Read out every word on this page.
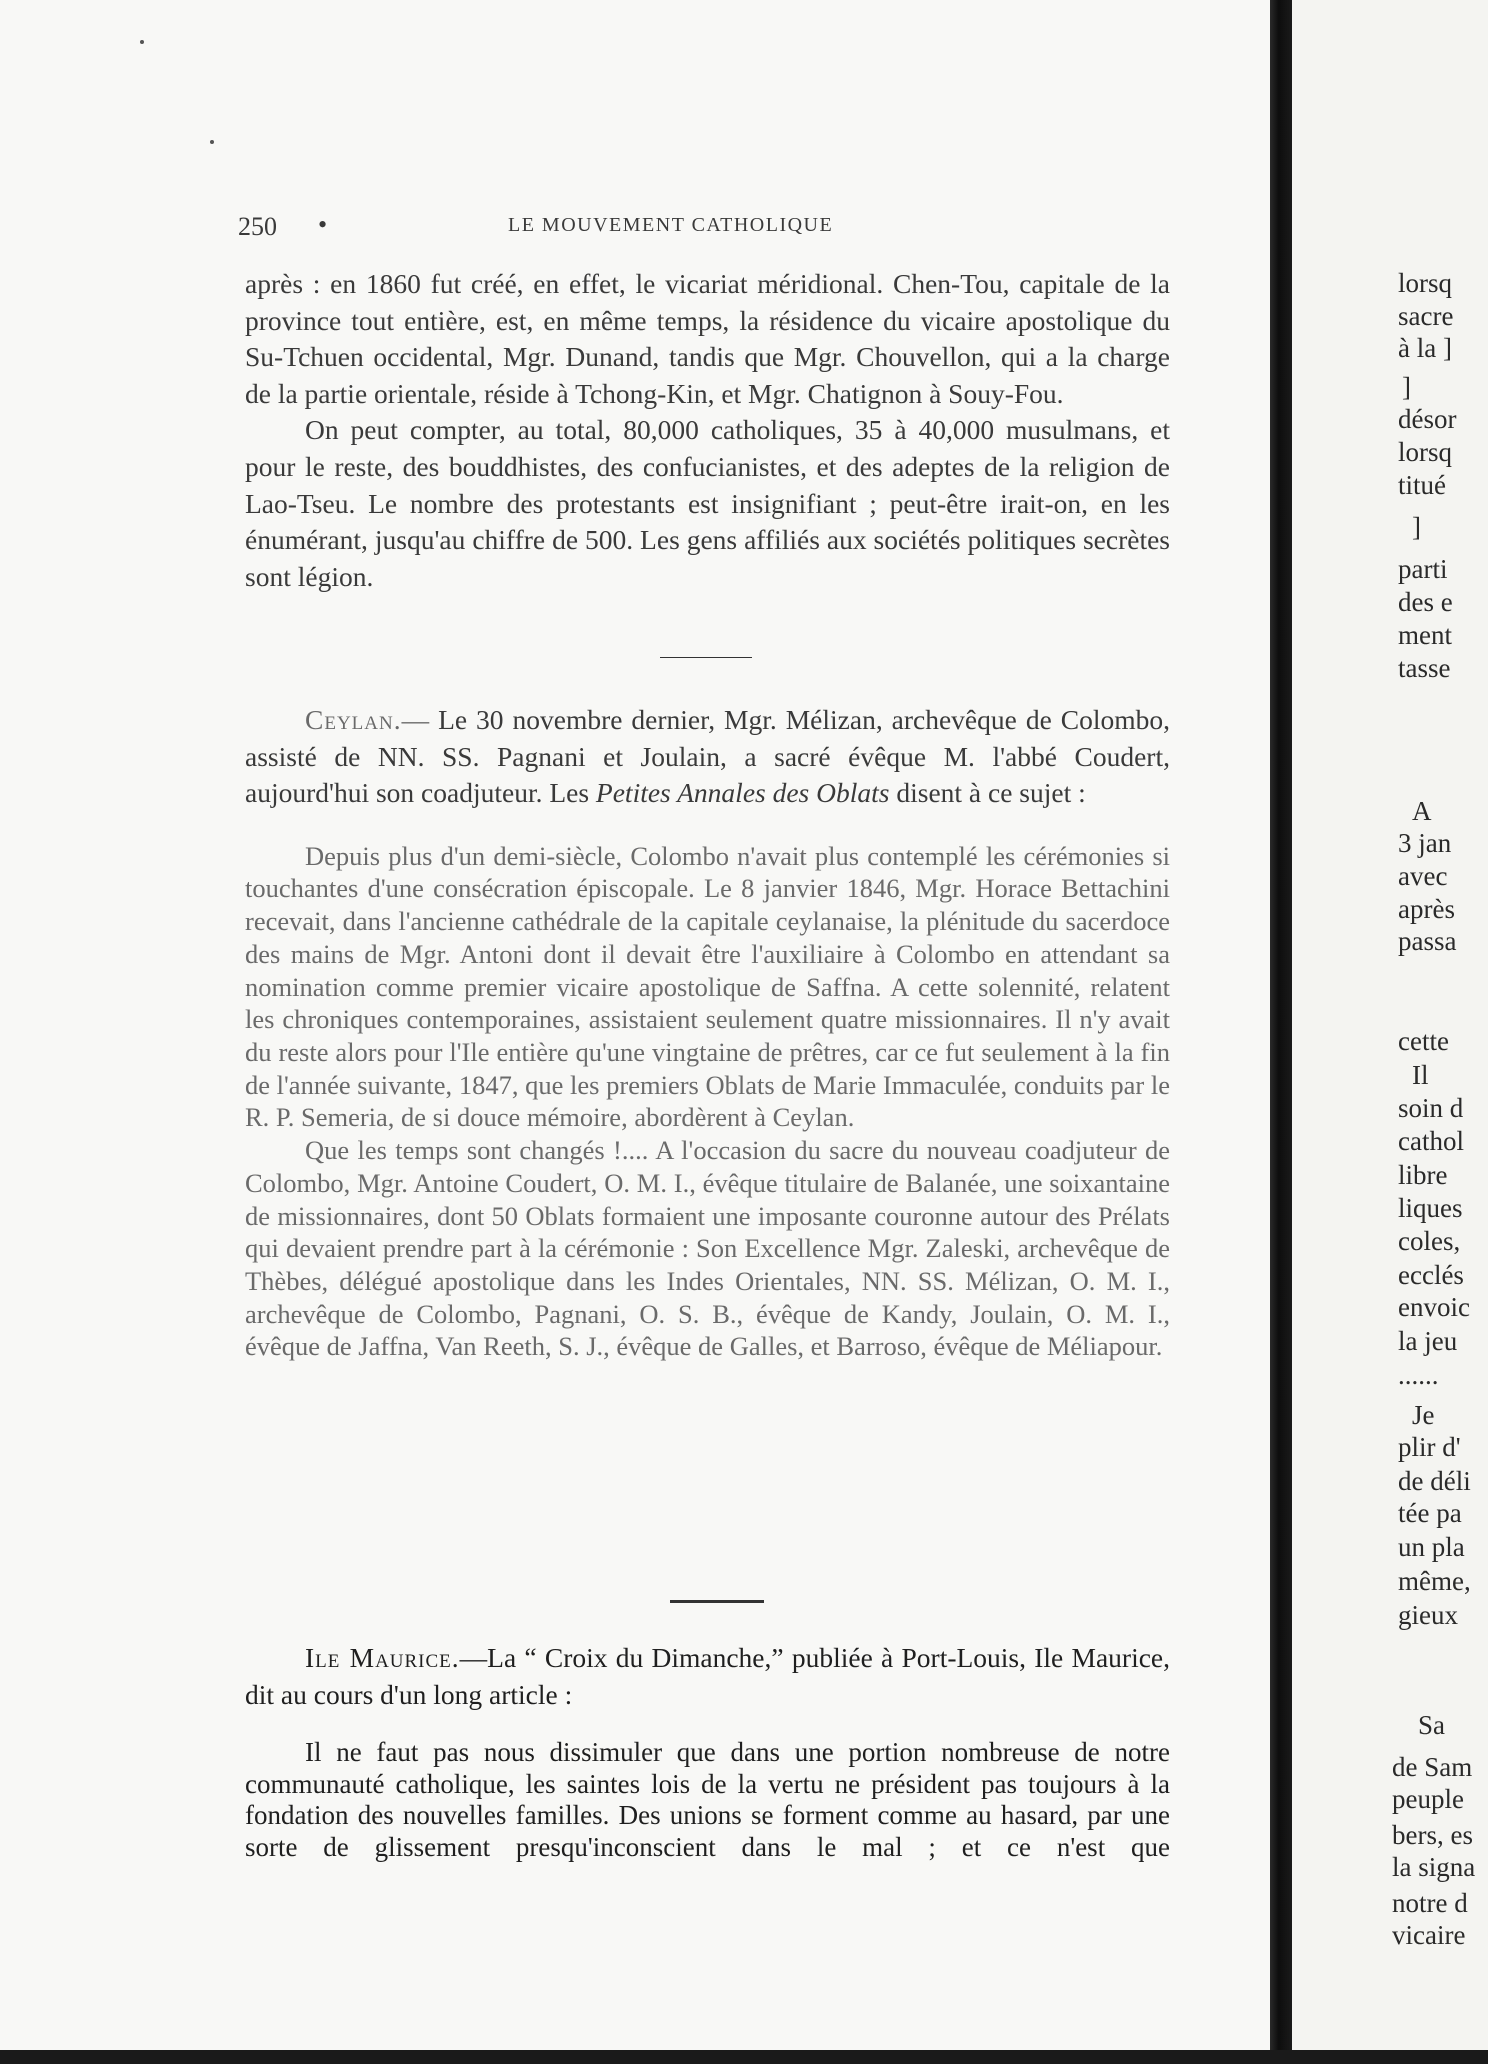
lorsq
sacre
à la ]
]
désor
lorsq
titué
]
parti
des e
ment
tasse
A
3 jan
avec
après
passa
cette
Il
soin d
cathol
libre
liques
coles,
ecclés
envoic
la jeu
......
Je
plir d'
de déli
tée pa
un pla
même,
gieux
Sa
de Sam
peuple
bers, es
la signa
notre d
vicaire
250 •	LE MOUVEMENT CATHOLIQUE

après : en 1860 fut créé, en effet, le vicariat méridional. Chen-Tou, capitale de la province tout entière, est, en même temps, la résidence du vicaire apostolique du Su-Tchuen occidental, Mgr. Dunand, tandis que Mgr. Chouvellon, qui a la charge de la partie orientale, réside à Tchong-Kin, et Mgr. Chatignon à Souy-Fou.

On peut compter, au total, 80,000 catholiques, 35 à 40,000 musulmans, et pour le reste, des bouddhistes, des confucianistes, et des adeptes de la religion de Lao-Tseu. Le nombre des protestants est insignifiant ; peut-être irait-on, en les énumérant, jusqu'au chiffre de 500. Les gens affiliés aux sociétés politiques secrètes sont légion.

Ceylan.— Le 30 novembre dernier, Mgr. Mélizan, archevêque de Colombo, assisté de NN. SS. Pagnani et Joulain, a sacré évêque M. l'abbé Coudert, aujourd'hui son coadjuteur. Les Petites Annales des Oblats disent à ce sujet :

Depuis plus d'un demi-siècle, Colombo n'avait plus contemplé les cérémonies si touchantes d'une consécration épiscopale. Le 8 janvier 1846, Mgr. Horace Bettachini recevait, dans l'ancienne cathédrale de la capitale ceylanaise, la plénitude du sacerdoce des mains de Mgr. Antoni dont il devait être l'auxiliaire à Colombo en attendant sa nomination comme premier vicaire apostolique de Saffna. A cette solennité, relatent les chroniques contemporaines, assistaient seulement quatre missionnaires. Il n'y avait du reste alors pour l'Ile entière qu'une vingtaine de prêtres, car ce fut seulement à la fin de l'année suivante, 1847, que les premiers Oblats de Marie Immaculée, conduits par le R. P. Semeria, de si douce mémoire, abordèrent à Ceylan.

Que les temps sont changés !.... A l'occasion du sacre du nouveau coadjuteur de Colombo, Mgr. Antoine Coudert, O. M. I., évêque titulaire de Balanée, une soixantaine de missionnaires, dont 50 Oblats formaient une imposante couronne autour des Prélats qui devaient prendre part à la cérémonie : Son Excellence Mgr. Zaleski, archevêque de Thèbes, délégué apostolique dans les Indes Orientales, NN. SS. Mélizan, O. M. I., archevêque de Colombo, Pagnani, O. S. B., évêque de Kandy, Joulain, O. M. I., évêque de Jaffna, Van Reeth, S. J., évêque de Galles, et Barroso, évêque de Méliapour.

Ile Maurice.—La “ Croix du Dimanche,” publiée à Port-Louis, Ile Maurice, dit au cours d'un long article :

Il ne faut pas nous dissimuler que dans une portion nombreuse de notre communauté catholique, les saintes lois de la vertu ne président pas toujours à la fondation des nouvelles familles. Des unions se forment comme au hasard, par une sorte de glissement presqu'inconscient dans le mal ; et ce n'est que
